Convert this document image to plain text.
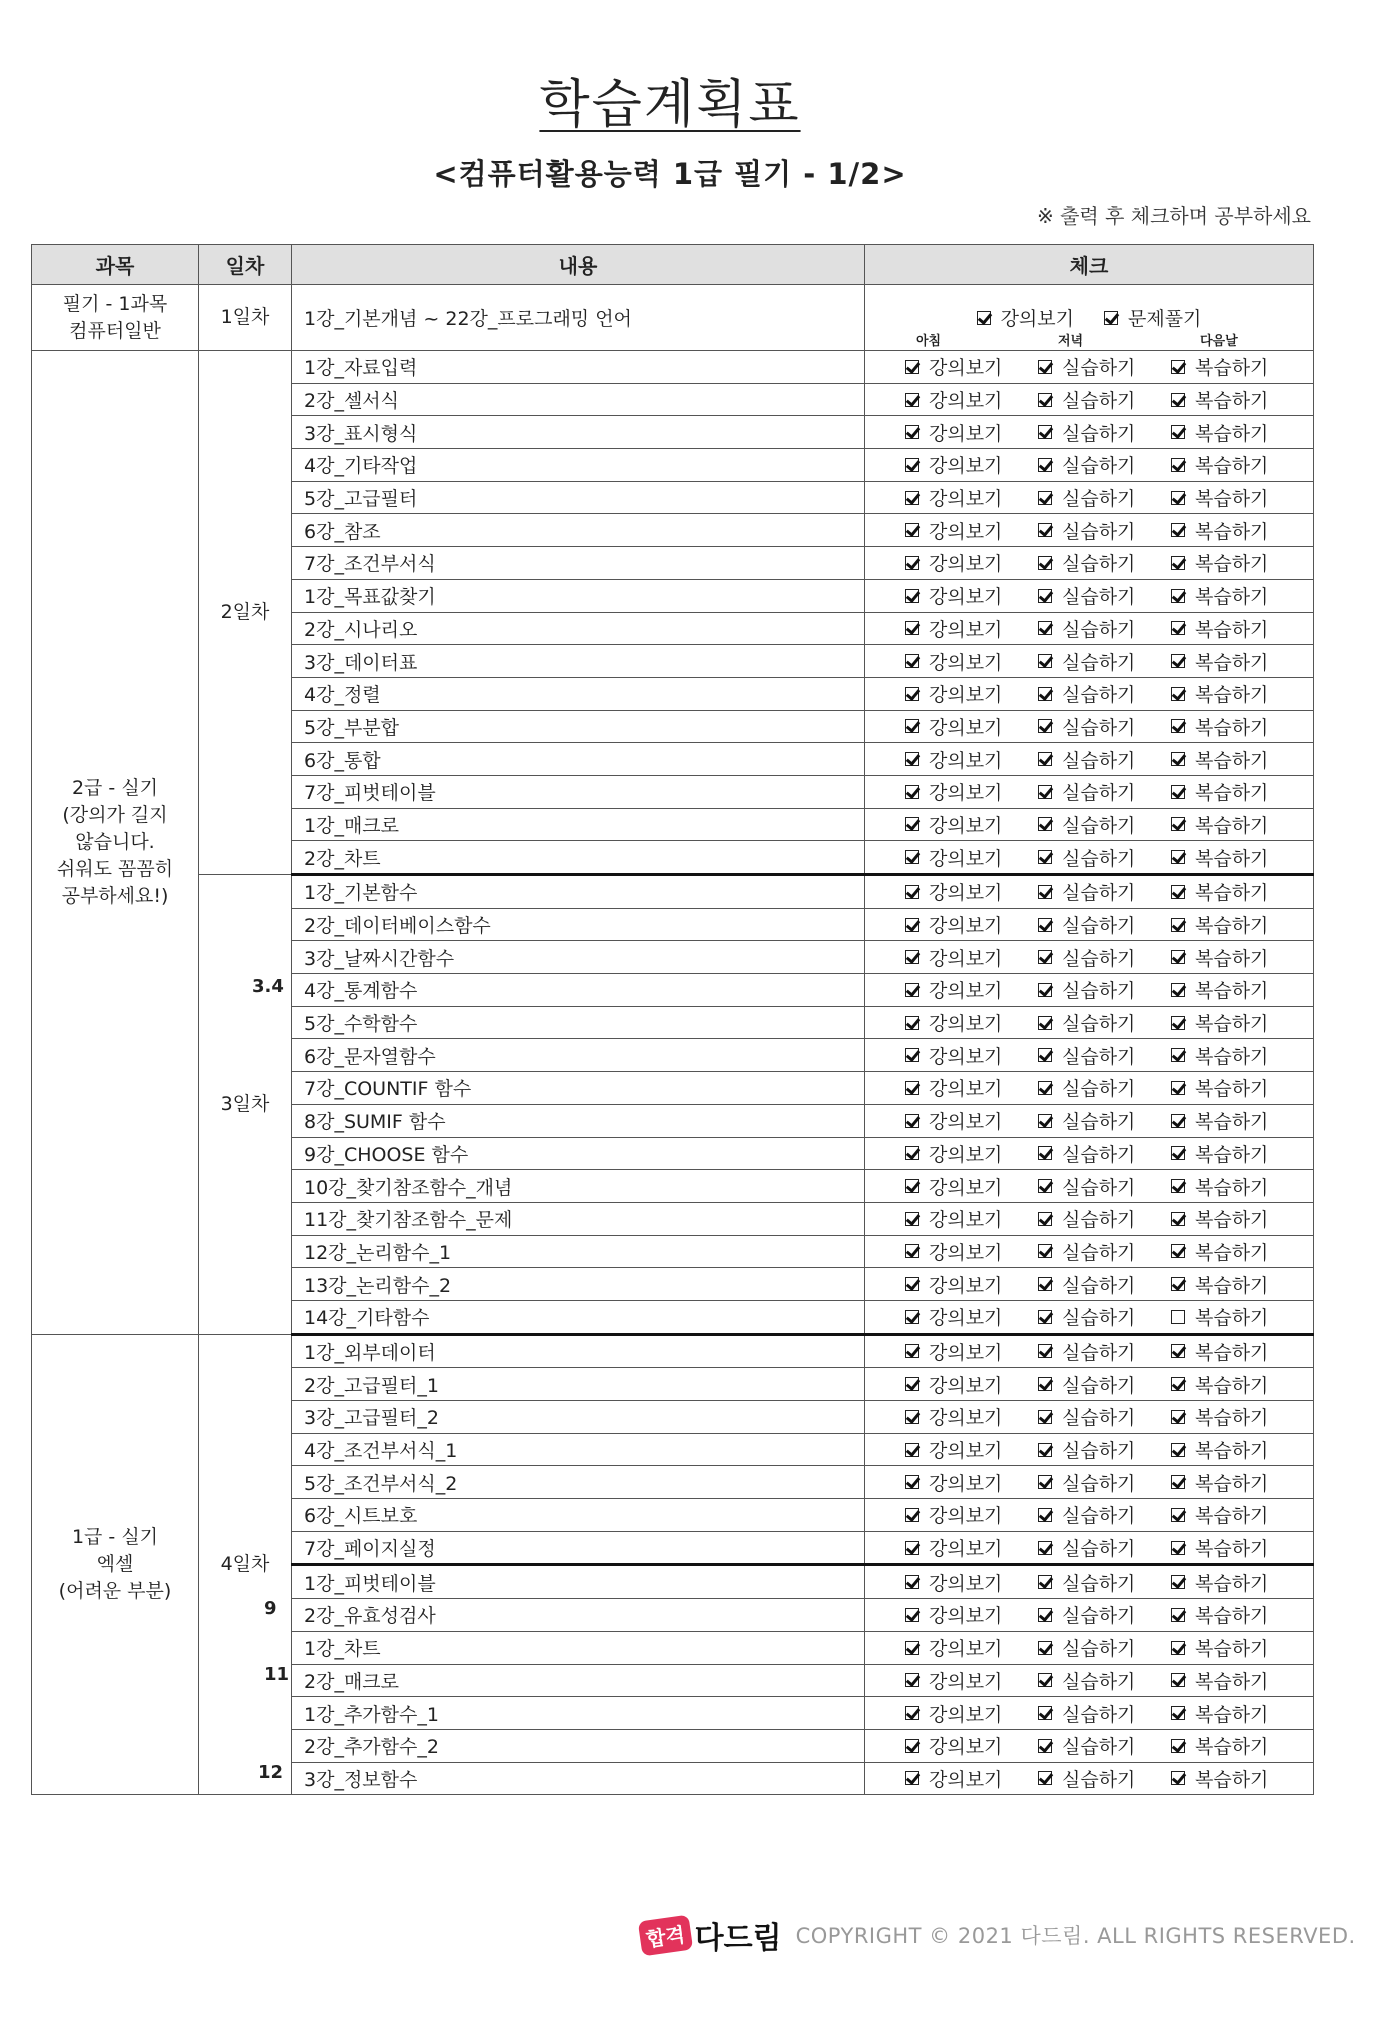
학습계획표
<컴퓨터활용능력 1급 필기 - 1/2>
※ 출력 후 체크하며 공부하세요
아침	저녁	다음날
3.4
9
11
12
과목	일차	내용	체크
필기 - 1과목
컴퓨터일반	1일차	1강_기본개념 ~ 22강_프로그래밍 언어	강의보기 문제풀기

2급 - 실기
(강의가 길지
않습니다.
쉬워도 꼼꼼히
공부하세요!)	2일차	1강_자료입력	강의보기 실습하기 복습하기

		2강_셀서식	강의보기 실습하기 복습하기

		3강_표시형식	강의보기 실습하기 복습하기

		4강_기타작업	강의보기 실습하기 복습하기

		5강_고급필터	강의보기 실습하기 복습하기

		6강_참조	강의보기 실습하기 복습하기

		7강_조건부서식	강의보기 실습하기 복습하기

		1강_목표값찾기	강의보기 실습하기 복습하기

		2강_시나리오	강의보기 실습하기 복습하기

		3강_데이터표	강의보기 실습하기 복습하기

		4강_정렬	강의보기 실습하기 복습하기

		5강_부분합	강의보기 실습하기 복습하기

		6강_통합	강의보기 실습하기 복습하기

		7강_피벗테이블	강의보기 실습하기 복습하기

		1강_매크로	강의보기 실습하기 복습하기

		2강_차트	강의보기 실습하기 복습하기

	3일차	1강_기본함수	강의보기 실습하기 복습하기

		2강_데이터베이스함수	강의보기 실습하기 복습하기

		3강_날짜시간함수	강의보기 실습하기 복습하기

		4강_통계함수	강의보기 실습하기 복습하기

		5강_수학함수	강의보기 실습하기 복습하기

		6강_문자열함수	강의보기 실습하기 복습하기

		7강_COUNTIF 함수	강의보기 실습하기 복습하기

		8강_SUMIF 함수	강의보기 실습하기 복습하기

		9강_CHOOSE 함수	강의보기 실습하기 복습하기

		10강_찾기참조함수_개념	강의보기 실습하기 복습하기

		11강_찾기참조함수_문제	강의보기 실습하기 복습하기

		12강_논리함수_1	강의보기 실습하기 복습하기

		13강_논리함수_2	강의보기 실습하기 복습하기

		14강_기타함수	강의보기 실습하기 복습하기

1급 - 실기
엑셀
(어려운 부분)	4일차	1강_외부데이터	강의보기 실습하기 복습하기

		2강_고급필터_1	강의보기 실습하기 복습하기

		3강_고급필터_2	강의보기 실습하기 복습하기

		4강_조건부서식_1	강의보기 실습하기 복습하기

		5강_조건부서식_2	강의보기 실습하기 복습하기

		6강_시트보호	강의보기 실습하기 복습하기

		7강_페이지실정	강의보기 실습하기 복습하기

		1강_피벗테이블	강의보기 실습하기 복습하기

		2강_유효성검사	강의보기 실습하기 복습하기

		1강_차트	강의보기 실습하기 복습하기

		2강_매크로	강의보기 실습하기 복습하기

		1강_추가함수_1	강의보기 실습하기 복습하기

		2강_추가함수_2	강의보기 실습하기 복습하기

		3강_정보함수	강의보기 실습하기 복습하기
합격 다드림 COPYRIGHT © 2021 다드림. ALL RIGHTS RESERVED.
